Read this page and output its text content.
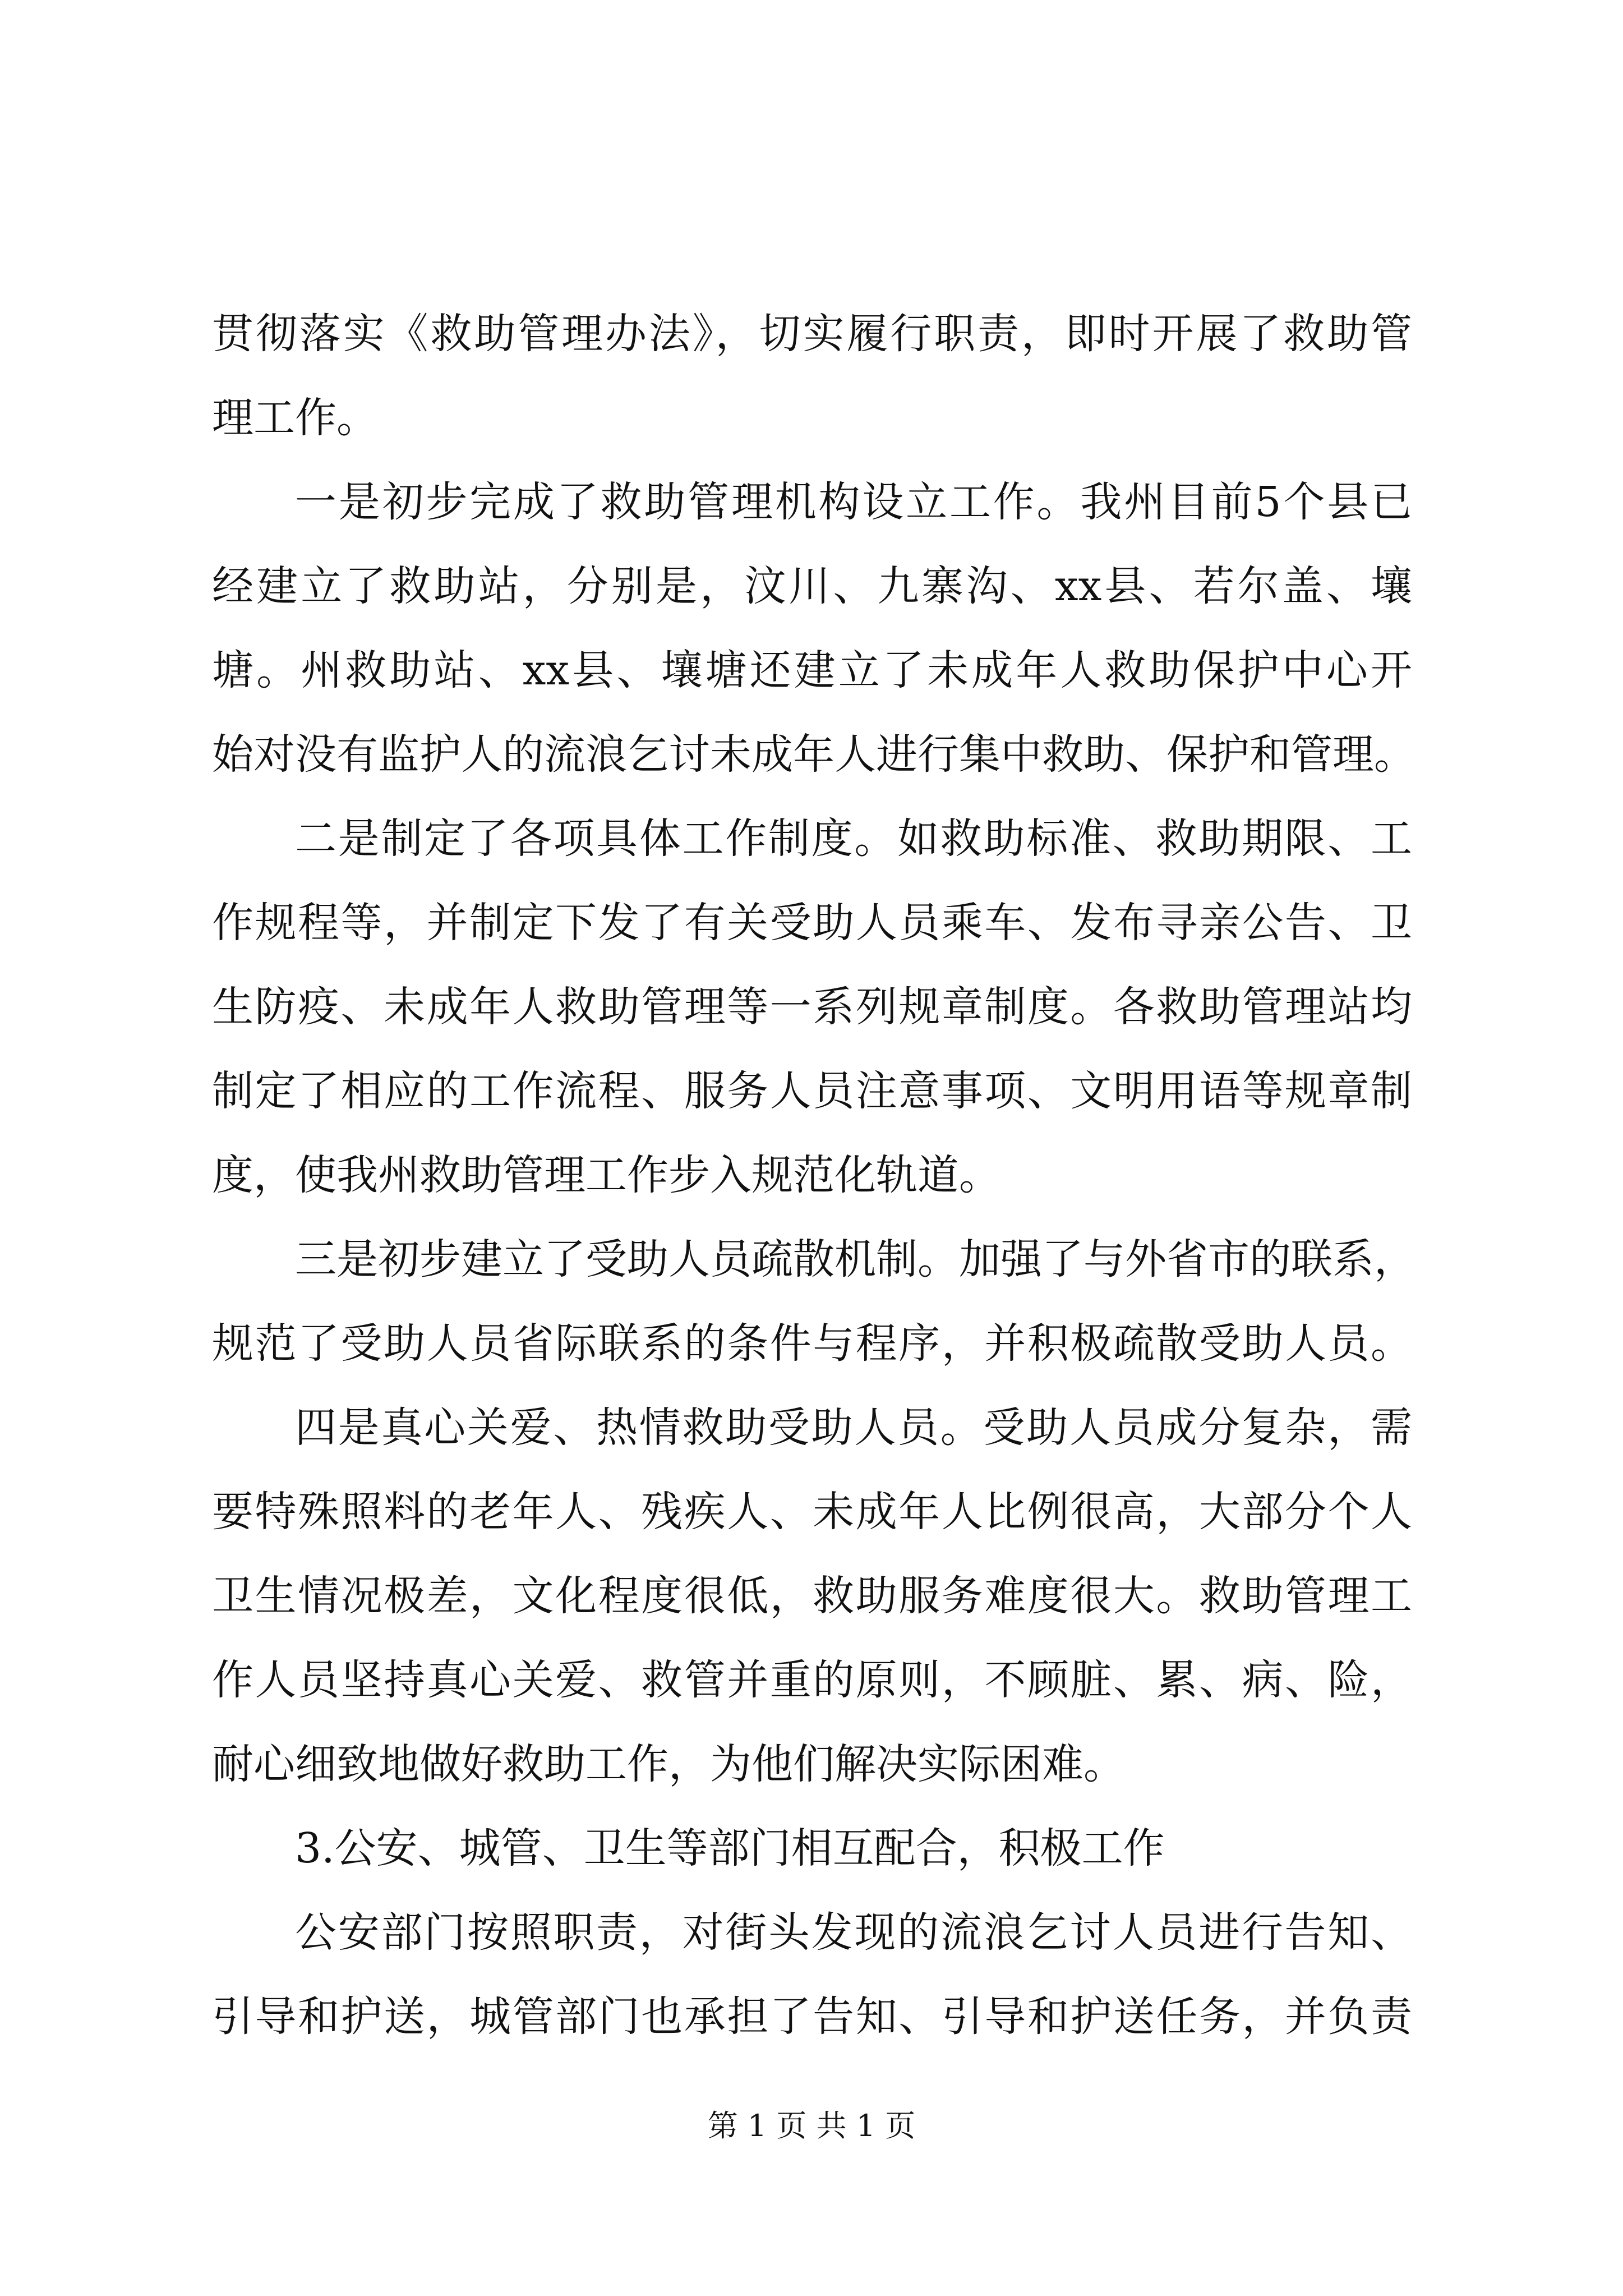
贯彻落实《救助管理办法》，切实履行职责，即时开展了救助管
理工作。
一是初步完成了救助管理机构设立工作。我州目前5个县已
经建立了救助站，分别是，汶川、九寨沟、xx县、若尔盖、壤
塘。州救助站、xx县、壤塘还建立了未成年人救助保护中心开
始对没有监护人的流浪乞讨未成年人进行集中救助、保护和管理。
二是制定了各项具体工作制度。如救助标准、救助期限、工
作规程等，并制定下发了有关受助人员乘车、发布寻亲公告、卫
生防疫、未成年人救助管理等一系列规章制度。各救助管理站均
制定了相应的工作流程、服务人员注意事项、文明用语等规章制
度，使我州救助管理工作步入规范化轨道。
三是初步建立了受助人员疏散机制。加强了与外省市的联系，
规范了受助人员省际联系的条件与程序，并积极疏散受助人员。
四是真心关爱、热情救助受助人员。受助人员成分复杂，需
要特殊照料的老年人、残疾人、未成年人比例很高，大部分个人
卫生情况极差，文化程度很低，救助服务难度很大。救助管理工
作人员坚持真心关爱、救管并重的原则，不顾脏、累、病、险，
耐心细致地做好救助工作，为他们解决实际困难。
3.公安、城管、卫生等部门相互配合，积极工作
公安部门按照职责，对街头发现的流浪乞讨人员进行告知、
引导和护送，城管部门也承担了告知、引导和护送任务，并负责
第 1 页 共 1 页
